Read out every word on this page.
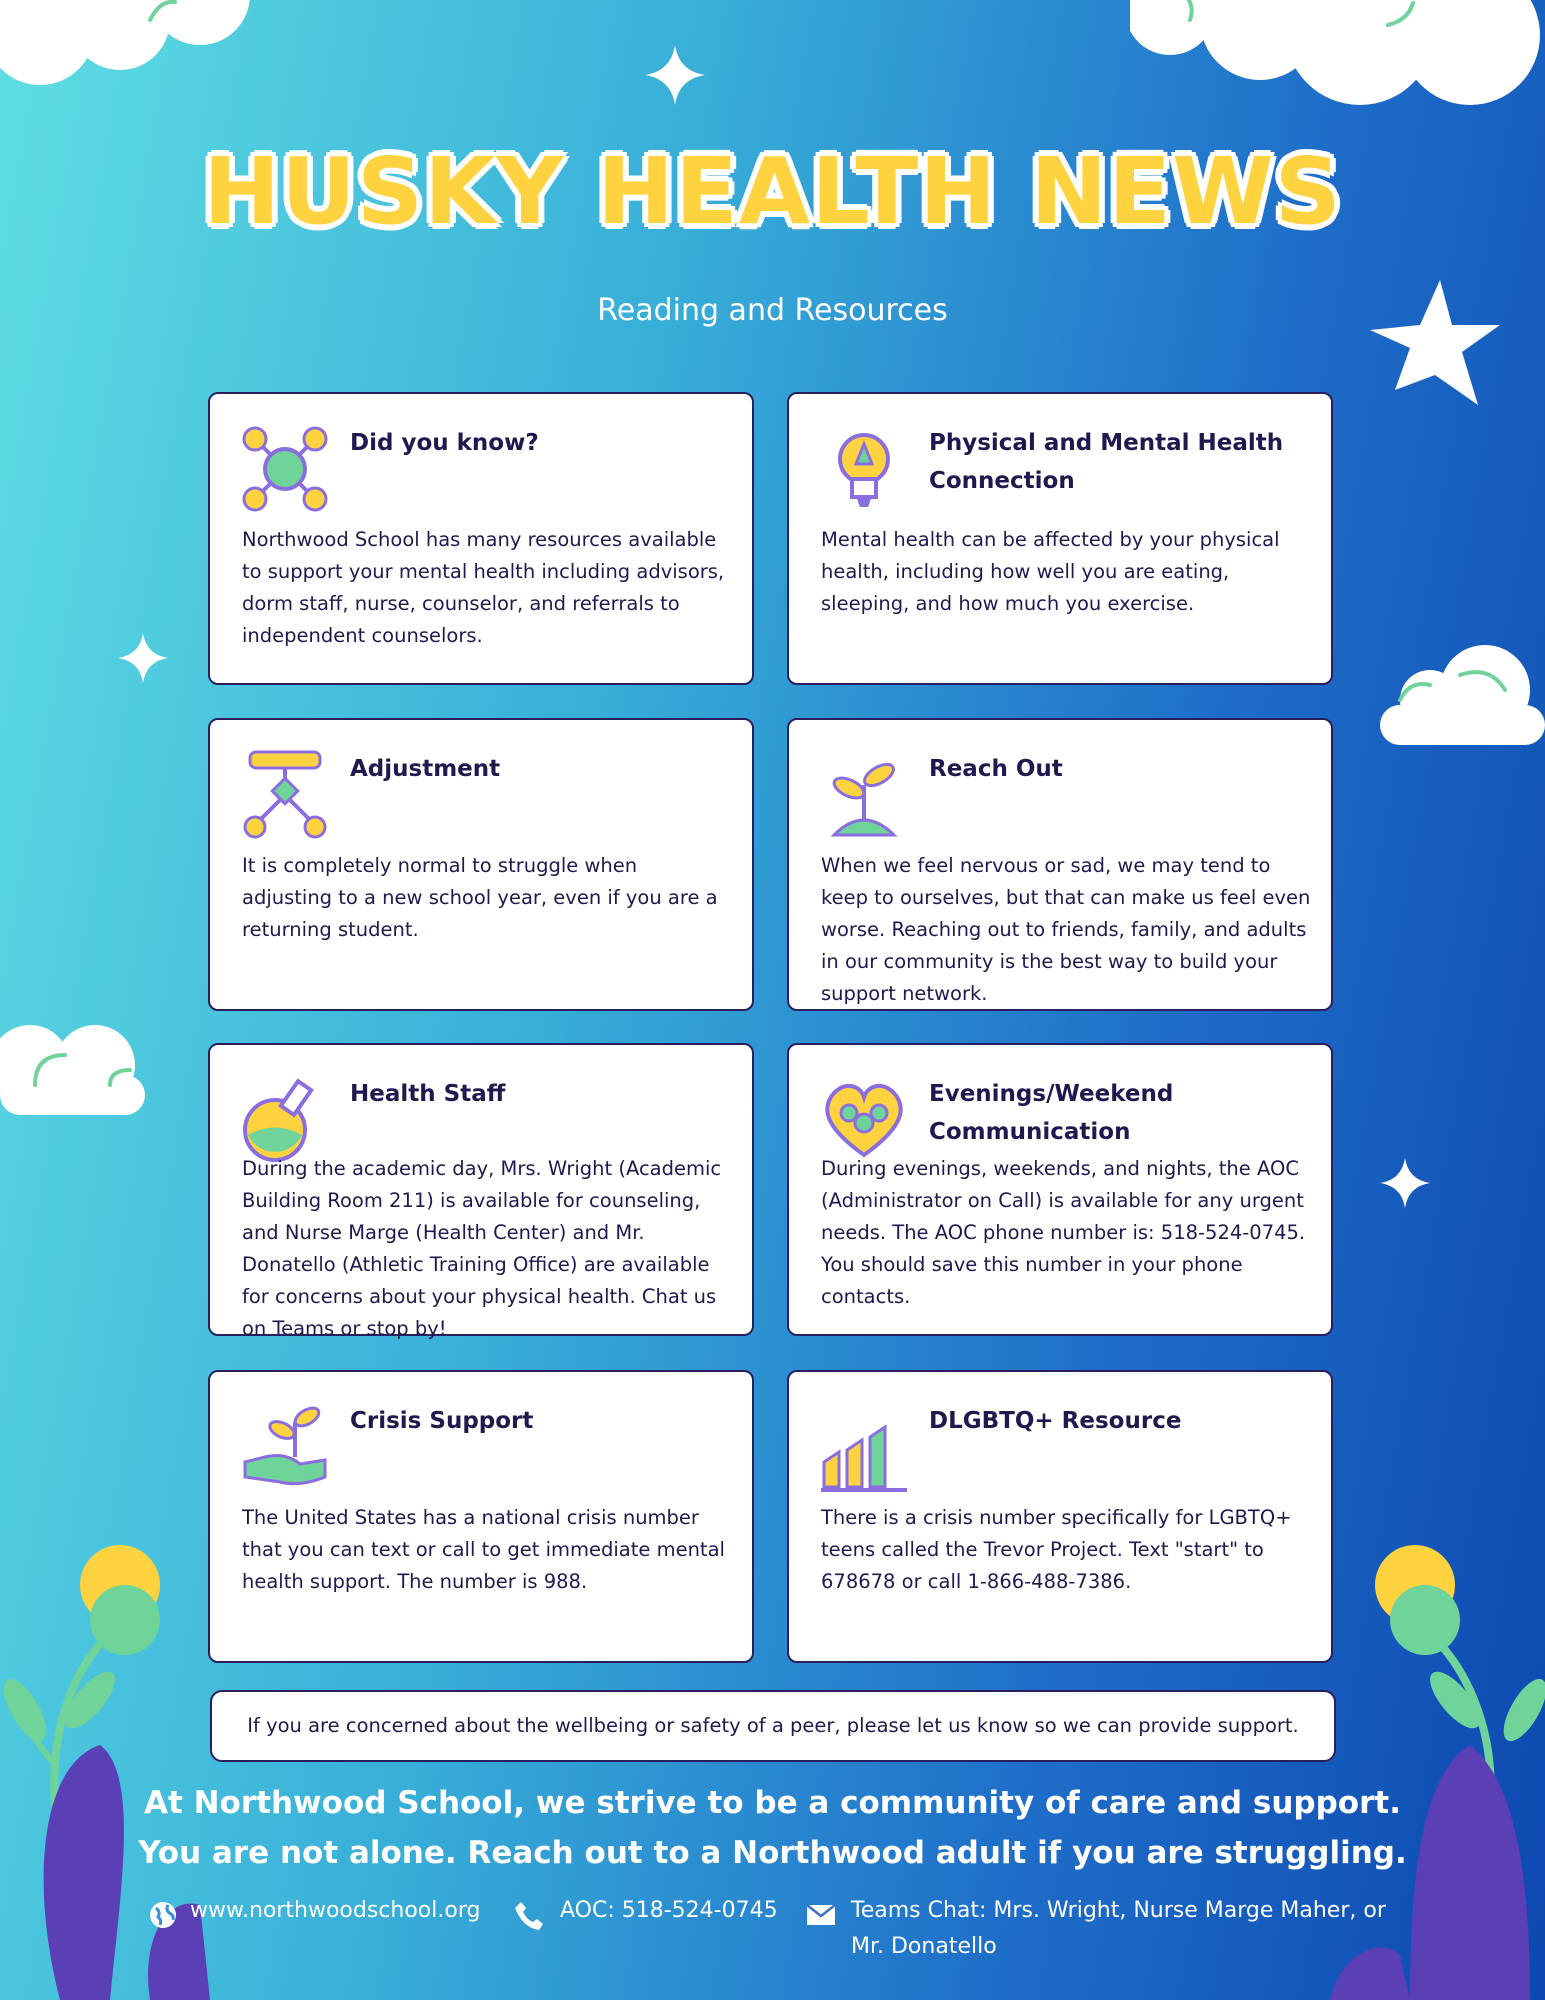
HUSKY HEALTH NEWS
Reading and Resources
Did you know?

Northwood School has many resources available to support your mental health including advisors, dorm staff, nurse, counselor, and referrals to independent counselors.

Physical and Mental Health Connection

Mental health can be affected by your physical health, including how well you are eating, sleeping, and how much you exercise.

Adjustment

It is completely normal to struggle when adjusting to a new school year, even if you are a returning student.

Reach Out

When we feel nervous or sad, we may tend to keep to ourselves, but that can make us feel even worse. Reaching out to friends, family, and adults in our community is the best way to build your support network.

Health Staff

During the academic day, Mrs. Wright (Academic Building Room 211) is available for counseling, and Nurse Marge (Health Center) and Mr. Donatello (Athletic Training Office) are available for concerns about your physical health. Chat us on Teams or stop by!

Evenings/Weekend Communication

During evenings, weekends, and nights, the AOC (Administrator on Call) is available for any urgent needs. The AOC phone number is: 518-524-0745. You should save this number in your phone contacts.

Crisis Support

The United States has a national crisis number that you can text or call to get immediate mental health support. The number is 988.

DLGBTQ+ Resource

There is a crisis number specifically for LGBTQ+ teens called the Trevor Project. Text "start" to 678678 or call 1-866-488-7386.

If you are concerned about the wellbeing or safety of a peer, please let us know so we can provide support.
At Northwood School, we strive to be a community of care and support.
You are not alone. Reach out to a Northwood adult if you are struggling.
www.northwoodschool.org	AOC: 518-524-0745	Teams Chat: Mrs. Wright, Nurse Marge Maher, or
Mr. Donatello
